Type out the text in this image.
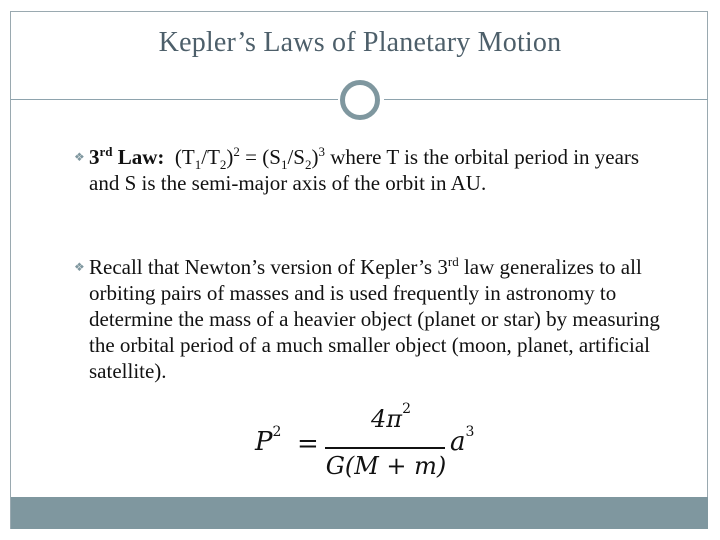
Kepler’s Laws of Planetary Motion
❖ 3rd Law: $(T_1/T_2)^2 = (S_1/S_2)^3$ where T is the orbital period in years and S is the semi-major axis of the orbit in AU.
❖ Recall that Newton’s version of Kepler’s 3rd law generalizes to all orbiting pairs of masses and is used frequently in astronomy to determine the mass of a heavier object (planet or star) by measuring the orbital period of a much smaller object (moon, planet, artificial satellite).
$P^2$ =
$4\pi^2$
G(M + m)
$a^3$
